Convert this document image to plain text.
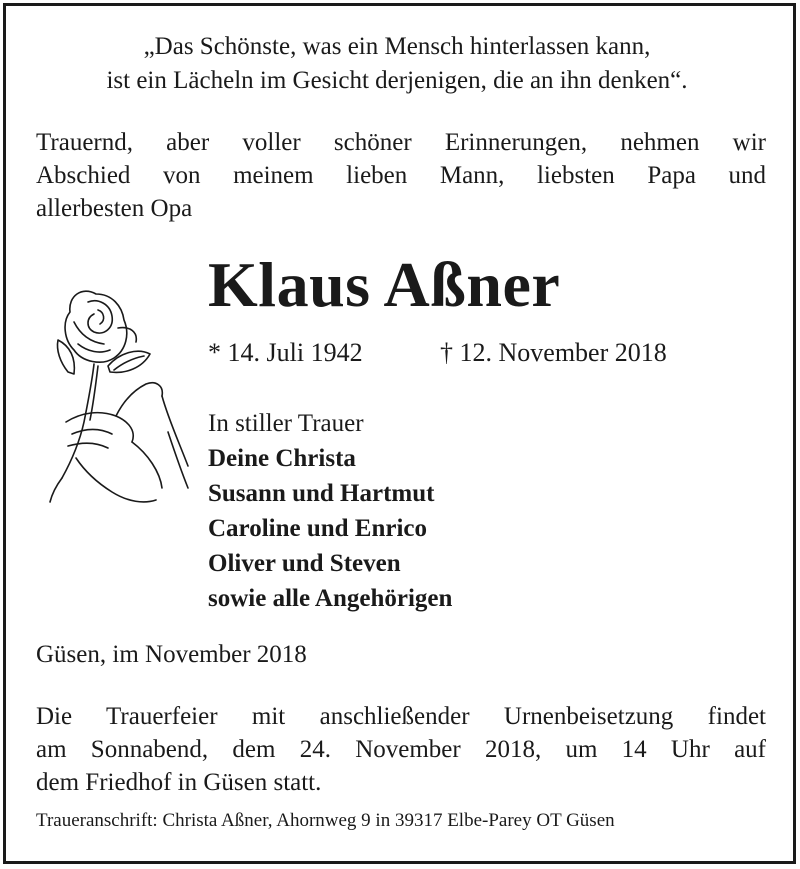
„Das Schönste, was ein Mensch hinterlassen kann,
ist ein Lächeln im Gesicht derjenigen, die an ihn denken“.
Trauernd, aber voller schöner Erinnerungen, nehmen wir
Abschied von meinem lieben Mann, liebsten Papa und
allerbesten Opa
Klaus Aßner
* 14. Juli 1942	† 12. November 2018
In stiller Trauer
Deine Christa
Susann und Hartmut
Caroline und Enrico
Oliver und Steven
sowie alle Angehörigen
Güsen, im November 2018
Die Trauerfeier mit anschließender Urnenbeisetzung findet
am Sonnabend, dem 24. November 2018, um 14 Uhr auf
dem Friedhof in Güsen statt.
Traueranschrift: Christa Aßner, Ahornweg 9 in 39317 Elbe-Parey OT Güsen
